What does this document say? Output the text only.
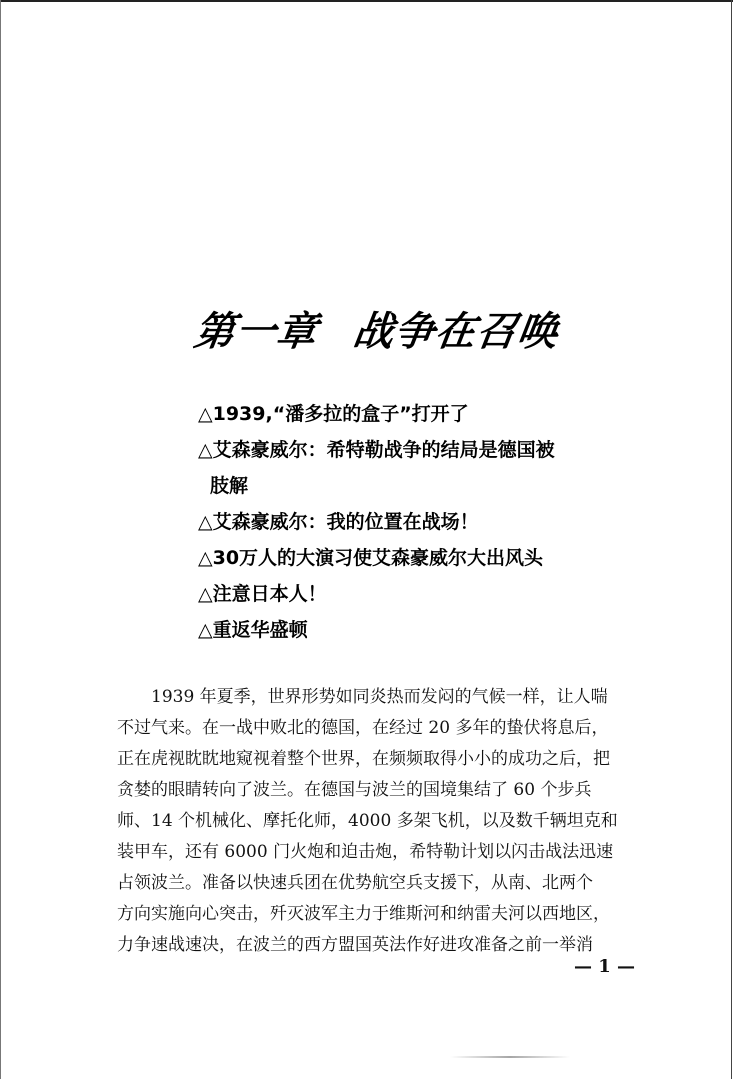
第一章 战争在召唤
△1939,“潘多拉的盒子”打开了
△艾森豪威尔：希特勒战争的结局是德国被
肢解
△艾森豪威尔：我的位置在战场！
△30万人的大演习使艾森豪威尔大出风头
△注意日本人！
△重返华盛顿

1939 年夏季，世界形势如同炎热而发闷的气候一样，让人喘
不过气来。在一战中败北的德国，在经过 20 多年的蛰伏将息后，
正在虎视眈眈地窥视着整个世界，在频频取得小小的成功之后，把
贪婪的眼睛转向了波兰。在德国与波兰的国境集结了 60 个步兵
师、14 个机械化、摩托化师，4000 多架飞机，以及数千辆坦克和
装甲车，还有 6000 门火炮和迫击炮，希特勒计划以闪击战法迅速
占领波兰。准备以快速兵团在优势航空兵支援下，从南、北两个
方向实施向心突击，歼灭波军主力于维斯河和纳雷夫河以西地区，
力争速战速决，在波兰的西方盟国英法作好进攻准备之前一举消

— 1 —
